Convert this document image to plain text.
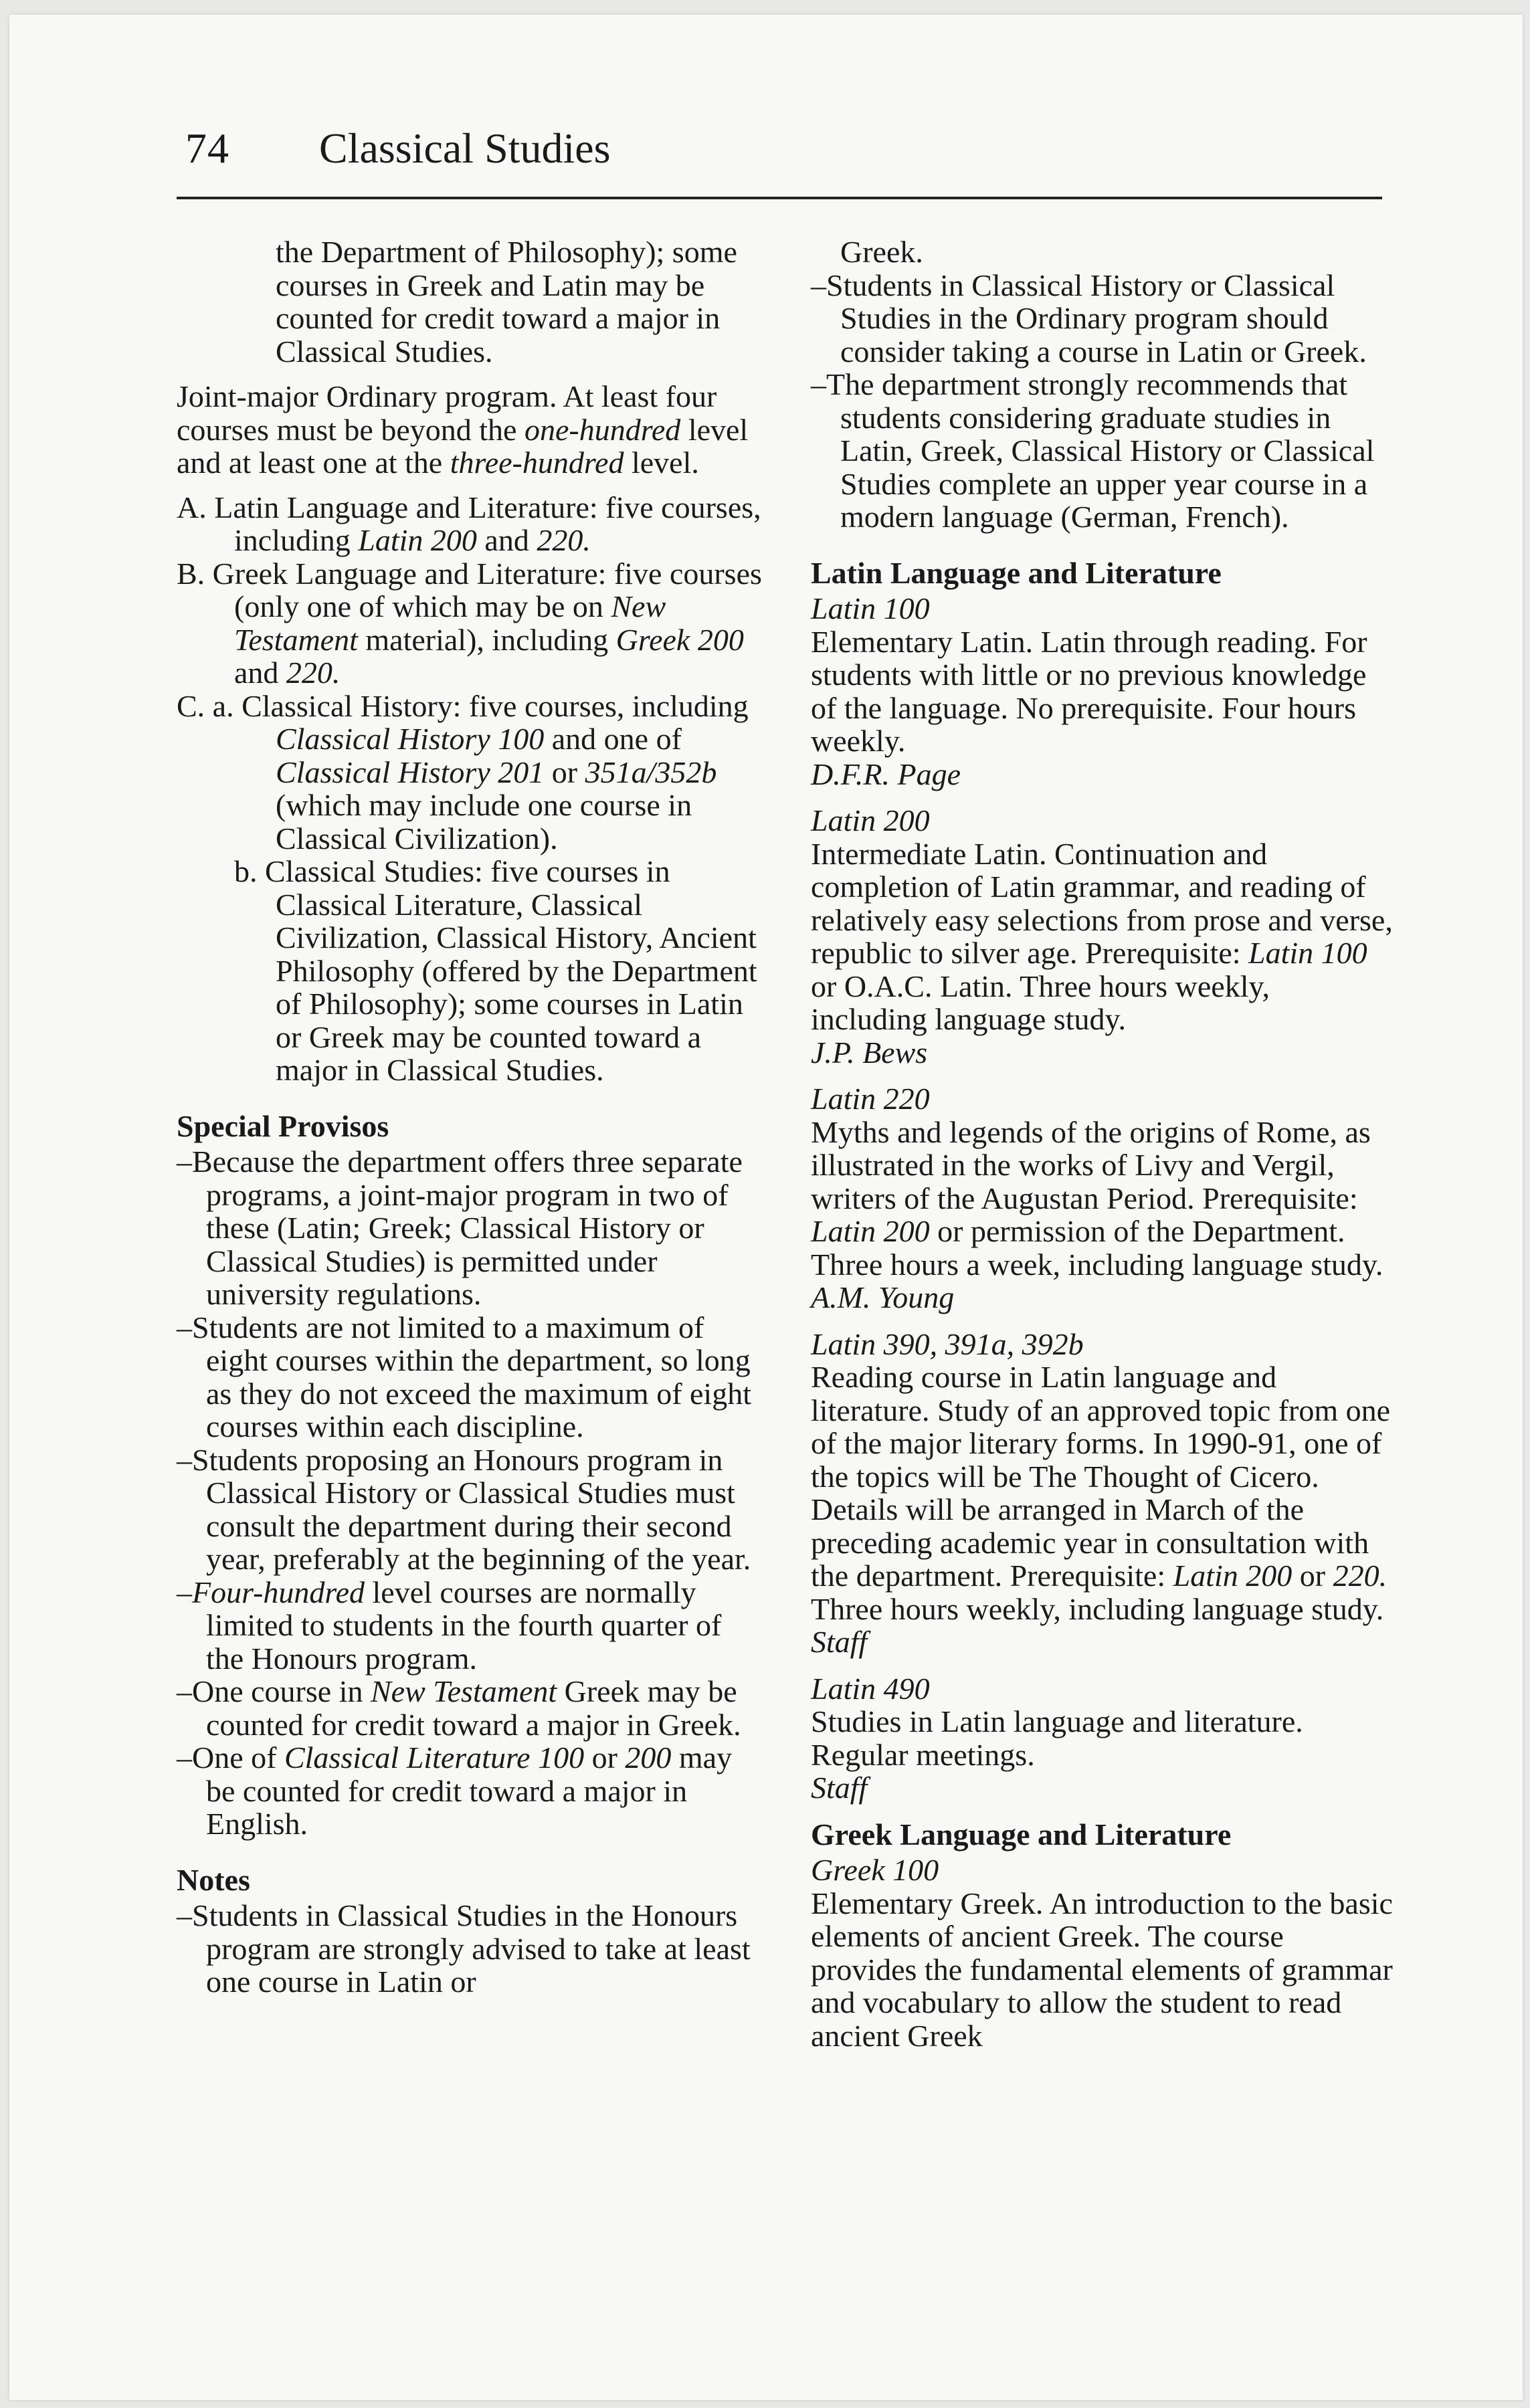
74 Classical Studies

the Department of Philosophy); some courses in Greek and Latin may be counted for credit toward a major in Classical Studies.

Joint-major Ordinary program. At least four courses must be beyond the one-hundred level and at least one at the three-hundred level.

A. Latin Language and Literature: five courses, including Latin 200 and 220.

B. Greek Language and Literature: five courses (only one of which may be on New Testament material), including Greek 200 and 220.

C. a. Classical History: five courses, including Classical History 100 and one of Classical History 201 or 351a/352b (which may include one course in Classical Civilization).

b. Classical Studies: five courses in Classical Literature, Classical Civilization, Classical History, Ancient Philosophy (offered by the Department of Philosophy); some courses in Latin or Greek may be counted toward a major in Classical Studies.

Special Provisos

–Because the department offers three separate programs, a joint-major program in two of these (Latin; Greek; Classical History or Classical Studies) is permitted under university regulations.

–Students are not limited to a maximum of eight courses within the department, so long as they do not exceed the maximum of eight courses within each discipline.

–Students proposing an Honours program in Classical History or Classical Studies must consult the department during their second year, preferably at the beginning of the year.

–Four-hundred level courses are normally limited to students in the fourth quarter of the Honours program.

–One course in New Testament Greek may be counted for credit toward a major in Greek.

–One of Classical Literature 100 or 200 may be counted for credit toward a major in English.

Notes

–Students in Classical Studies in the Honours program are strongly advised to take at least one course in Latin or

Greek.

–Students in Classical History or Classical Studies in the Ordinary program should consider taking a course in Latin or Greek.

–The department strongly recommends that students considering graduate studies in Latin, Greek, Classical History or Classical Studies complete an upper year course in a modern language (German, French).

Latin Language and Literature

Latin 100

Elementary Latin. Latin through reading. For students with little or no previous knowledge of the language. No prerequisite. Four hours weekly.

D.F.R. Page

Latin 200

Intermediate Latin. Continuation and completion of Latin grammar, and reading of relatively easy selections from prose and verse, republic to silver age. Prerequisite: Latin 100 or O.A.C. Latin. Three hours weekly, including language study.

J.P. Bews

Latin 220

Myths and legends of the origins of Rome, as illustrated in the works of Livy and Vergil, writers of the Augustan Period. Prerequisite: Latin 200 or permission of the Department. Three hours a week, including language study.

A.M. Young

Latin 390, 391a, 392b

Reading course in Latin language and literature. Study of an approved topic from one of the major literary forms. In 1990-91, one of the topics will be The Thought of Cicero. Details will be arranged in March of the preceding academic year in consultation with the department. Prerequisite: Latin 200 or 220. Three hours weekly, including language study.

Staff

Latin 490

Studies in Latin language and literature. Regular meetings.

Staff

Greek Language and Literature

Greek 100

Elementary Greek. An introduction to the basic elements of ancient Greek. The course provides the fundamental elements of grammar and vocabulary to allow the student to read ancient Greek
